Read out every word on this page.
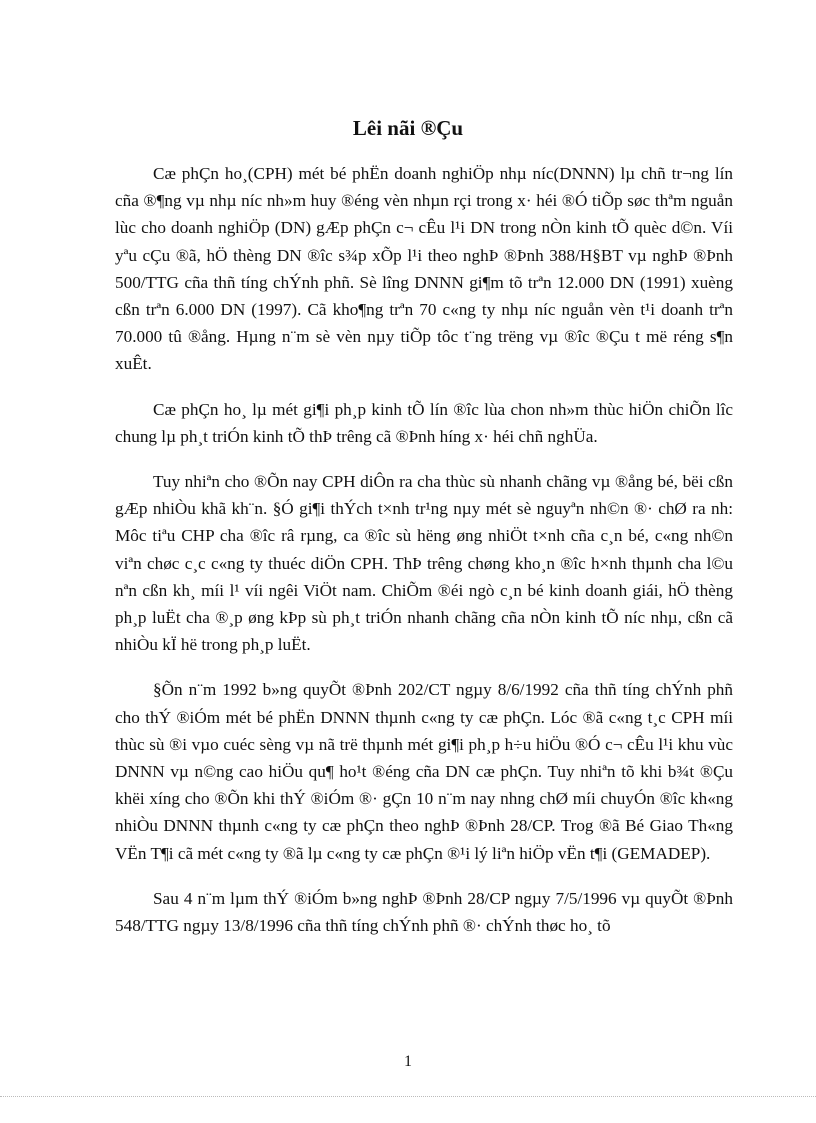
Lêi nãi ®Çu

Cæ phÇn ho¸(CPH) mét bé phËn doanh nghiÖp nhµ níc(DNNN) lµ chñ tr¬ng lín cña ®¶ng vµ nhµ níc nh»m huy ®éng vèn nhµn rçi trong x· héi ®Ó tiÕp søc thªm nguån lùc cho doanh nghiÖp (DN) gÆp phÇn c¬ cÊu l¹i DN trong nÒn kinh tÕ quèc d©n. Víi yªu cÇu ®ã, hÖ thèng DN ®îc s¾p xÕp l¹i theo nghÞ ®Þnh 388/H§BT vµ nghÞ ®Þnh 500/TTG cña thñ tíng chÝnh phñ. Sè lîng DNNN gi¶m tõ trªn 12.000 DN (1991) xuèng cßn trªn 6.000 DN (1997). Cã kho¶ng trªn 70 c«ng ty nhµ níc nguån vèn t¹i doanh trªn 70.000 tû ®ång. Hµng n¨m sè vèn nµy tiÕp tôc t¨ng trëng vµ ®îc ®Çu t më réng s¶n xuÊt.

Cæ phÇn ho¸ lµ mét gi¶i ph¸p kinh tÕ lín ®îc lùa chon nh»m thùc hiÖn chiÕn lîc chung lµ ph¸t triÓn kinh tÕ thÞ trêng cã ®Þnh híng x· héi chñ nghÜa.

Tuy nhiªn cho ®Õn nay CPH diÔn ra cha thùc sù nhanh chãng vµ ®ång bé, bëi cßn gÆp nhiÒu khã kh¨n. §Ó gi¶i thÝch t×nh tr¹ng nµy mét sè nguyªn nh©n ®· chØ ra nh: Môc tiªu CHP cha ®îc râ rµng, ca ®îc sù hëng øng nhiÖt t×nh cña c¸n bé, c«ng nh©n viªn chøc c¸c c«ng ty thuéc diÖn CPH. ThÞ trêng chøng kho¸n ®îc h×nh thµnh cha l©u nªn cßn kh¸ míi l¹ víi ngêi ViÖt nam. ChiÕm ®éi ngò c¸n bé kinh doanh giái, hÖ thèng ph¸p luËt cha ®¸p øng kÞp sù ph¸t triÓn nhanh chãng cña nÒn kinh tÕ níc nhµ, cßn cã nhiÒu kÏ hë trong ph¸p luËt.

§Õn n¨m 1992 b»ng quyÕt ®Þnh 202/CT ngµy 8/6/1992 cña thñ tíng chÝnh phñ cho thÝ ®iÓm mét bé phËn DNNN thµnh c«ng ty cæ phÇn. Lóc ®ã c«ng t¸c CPH míi thùc sù ®i vµo cuéc sèng vµ nã trë thµnh mét gi¶i ph¸p h÷u hiÖu ®Ó c¬ cÊu l¹i khu vùc DNNN vµ n©ng cao hiÖu qu¶ ho¹t ®éng cña DN cæ phÇn. Tuy nhiªn tõ khi b¾t ®Çu khëi xíng cho ®Õn khi thÝ ®iÓm ®· gÇn 10 n¨m nay nhng chØ míi chuyÓn ®îc kh«ng nhiÒu DNNN thµnh c«ng ty cæ phÇn theo nghÞ ®Þnh 28/CP. Trog ®ã Bé Giao Th«ng VËn T¶i cã mét c«ng ty ®ã lµ c«ng ty cæ phÇn ®¹i lý liªn hiÖp vËn t¶i (GEMADEP).

Sau 4 n¨m lµm thÝ ®iÓm b»ng nghÞ ®Þnh 28/CP ngµy 7/5/1996 vµ quyÕt ®Þnh 548/TTG ngµy 13/8/1996 cña thñ tíng chÝnh phñ ®· chÝnh thøc ho¸ tõ

1
